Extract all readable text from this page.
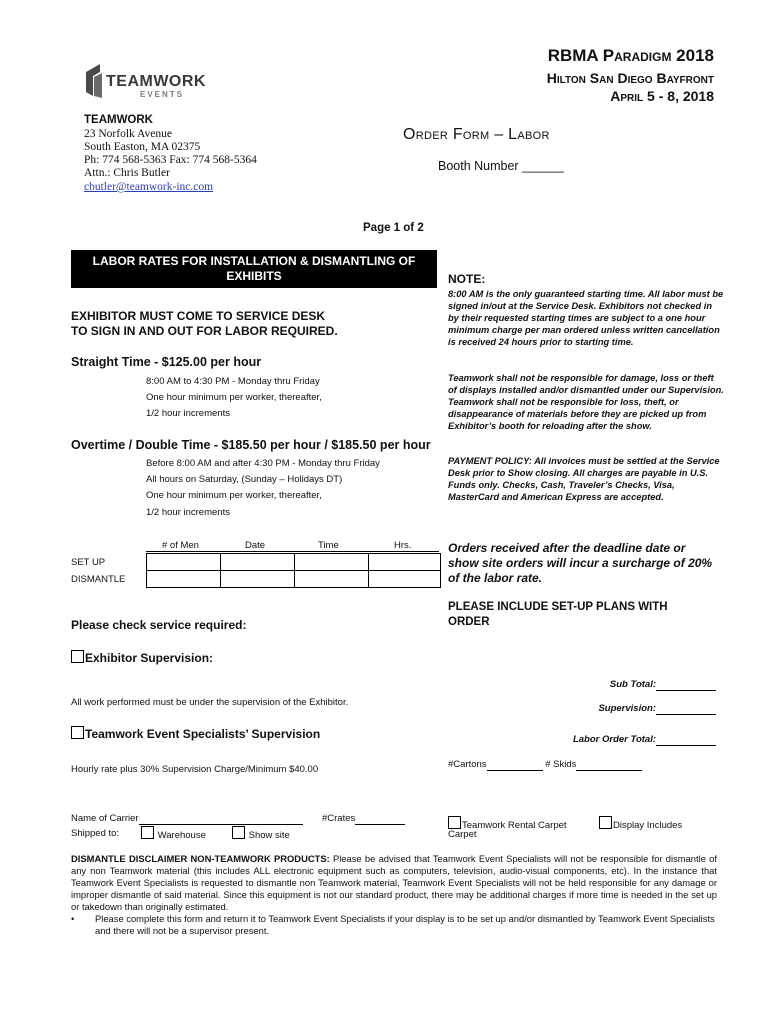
RBMA Paradigm 2018
Hilton San Diego Bayfront
April 5 - 8, 2018
TEAMWORK
EVENTS
TEAMWORK
23 Norfolk Avenue
South Easton, MA 02375
Ph: 774 568-5363 Fax: 774 568-5364
Attn.: Chris Butler
cbutler@teamwork-inc.com
Order Form – Labor
Booth Number ______
Page 1 of 2
LABOR RATES FOR INSTALLATION & DISMANTLING OF EXHIBITS
EXHIBITOR MUST COME TO SERVICE DESK
TO SIGN IN AND OUT FOR LABOR REQUIRED.
Straight Time - $125.00 per hour
8:00 AM to 4:30 PM - Monday thru Friday
One hour minimum per worker, thereafter,
1/2 hour increments
Overtime / Double Time - $185.50 per hour / $185.50 per hour
Before 8:00 AM and after 4:30 PM - Monday thru Friday
All hours on Saturday, (Sunday – Holidays DT)
One hour minimum per worker, thereafter,
1/2 hour increments
# of Men	Date	Time	Hrs.

SET UP
DISMANTLE
NOTE:
8:00 AM is the only guaranteed starting time. All labor must be signed in/out at the Service Desk. Exhibitors not checked in by their requested starting times are subject to a one hour minimum charge per man ordered unless written cancellation is received 24 hours prior to starting time.
Teamwork shall not be responsible for damage, loss or theft of displays installed and/or dismantled under our Supervision. Teamwork shall not be responsible for loss, theft, or disappearance of materials before they are picked up from Exhibitor’s booth for reloading after the show.
PAYMENT POLICY: All invoices must be settled at the Service Desk prior to Show closing. All charges are payable in U.S. Funds only. Checks, Cash, Traveler’s Checks, Visa, MasterCard and American Express are accepted.
Orders received after the deadline date or show site orders will incur a surcharge of 20% of the labor rate.
PLEASE INCLUDE SET-UP PLANS WITH ORDER
Please check service required:
Exhibitor Supervision:
All work performed must be under the supervision of the Exhibitor.
Teamwork Event Specialists’ Supervision
Hourly rate plus 30% Supervision Charge/Minimum $40.00
Sub Total:
Supervision:
Labor Order Total:
#Cartons	# Skids
Name of Carrier	#Crates
Shipped to:	Warehouse	Show site
Teamwork Rental Carpet
Carpet
Display Includes
DISMANTLE DISCLAIMER NON-TEAMWORK PRODUCTS: Please be advised that Teamwork Event Specialists will not be responsible for dismantle of any non Teamwork material (this includes ALL electronic equipment such as computers, television, audio-visual components, etc). In the instance that Teamwork Event Specialists is requested to dismantle non Teamwork material, Teamwork Event Specialists will not be held responsible for any damage or improper dismantle of said material. Since this equipment is not our standard product, there may be additional charges if more time is needed in the set up or takedown than originally estimated.
• Please complete this form and return it to Teamwork Event Specialists if your display is to be set up and/or dismantled by Teamwork Event Specialists and there will not be a supervisor present.
